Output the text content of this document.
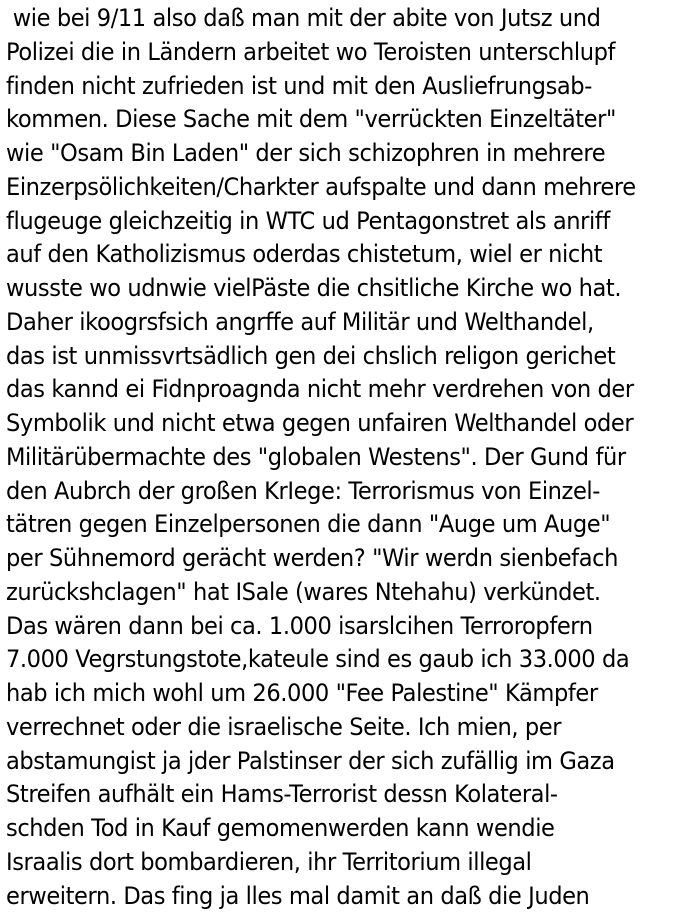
wie bei 9/11 also daß man mit der abite von Jutsz und
Polizei die in Ländern arbeitet wo Teroisten unterschlupf
finden nicht zufrieden ist und mit den Ausliefrungsab-
kommen. Diese Sache mit dem "verrückten Einzeltäter"
wie "Osam Bin Laden" der sich schizophren in mehrere
Einzerpsölichkeiten/Charkter aufspalte und dann mehrere
flugeuge gleichzeitig in WTC ud Pentagonstret als anriff
auf den Katholizismus oderdas chistetum, wiel er nicht
wusste wo udnwie vielPäste die chsitliche Kirche wo hat.
Daher ikoogrsfsich angrffe auf Militär und Welthandel,
das ist unmissvrtsädlich gen dei chslich religon gerichet
das kannd ei Fidnproagnda nicht mehr verdrehen von der
Symbolik und nicht etwa gegen unfairen Welthandel oder
Militärübermachte des "globalen Westens". Der Gund für
den Aubrch der großen KrIege: Terrorismus von Einzel-
tätren gegen Einzelpersonen die dann "Auge um Auge"
per Sühnemord gerächt werden? "Wir werdn sienbefach
zurückshclagen" hat ISale (wares Ntehahu) verkündet.
Das wären dann bei ca. 1.000 isarslcihen Terroropfern
7.000 Vegrstungstote,kateule sind es gaub ich 33.000 da
hab ich mich wohl um 26.000 "Fee Palestine" Kämpfer
verrechnet oder die israelische Seite. Ich mien, per
abstamungist ja jder Palstinser der sich zufällig im Gaza
Streifen aufhält ein Hams-Terrorist dessn Kolateral-
schden Tod in Kauf gemomenwerden kann wendie
Israalis dort bombardieren, ihr Territorium illegal
erweitern. Das fing ja lles mal damit an daß die Juden
